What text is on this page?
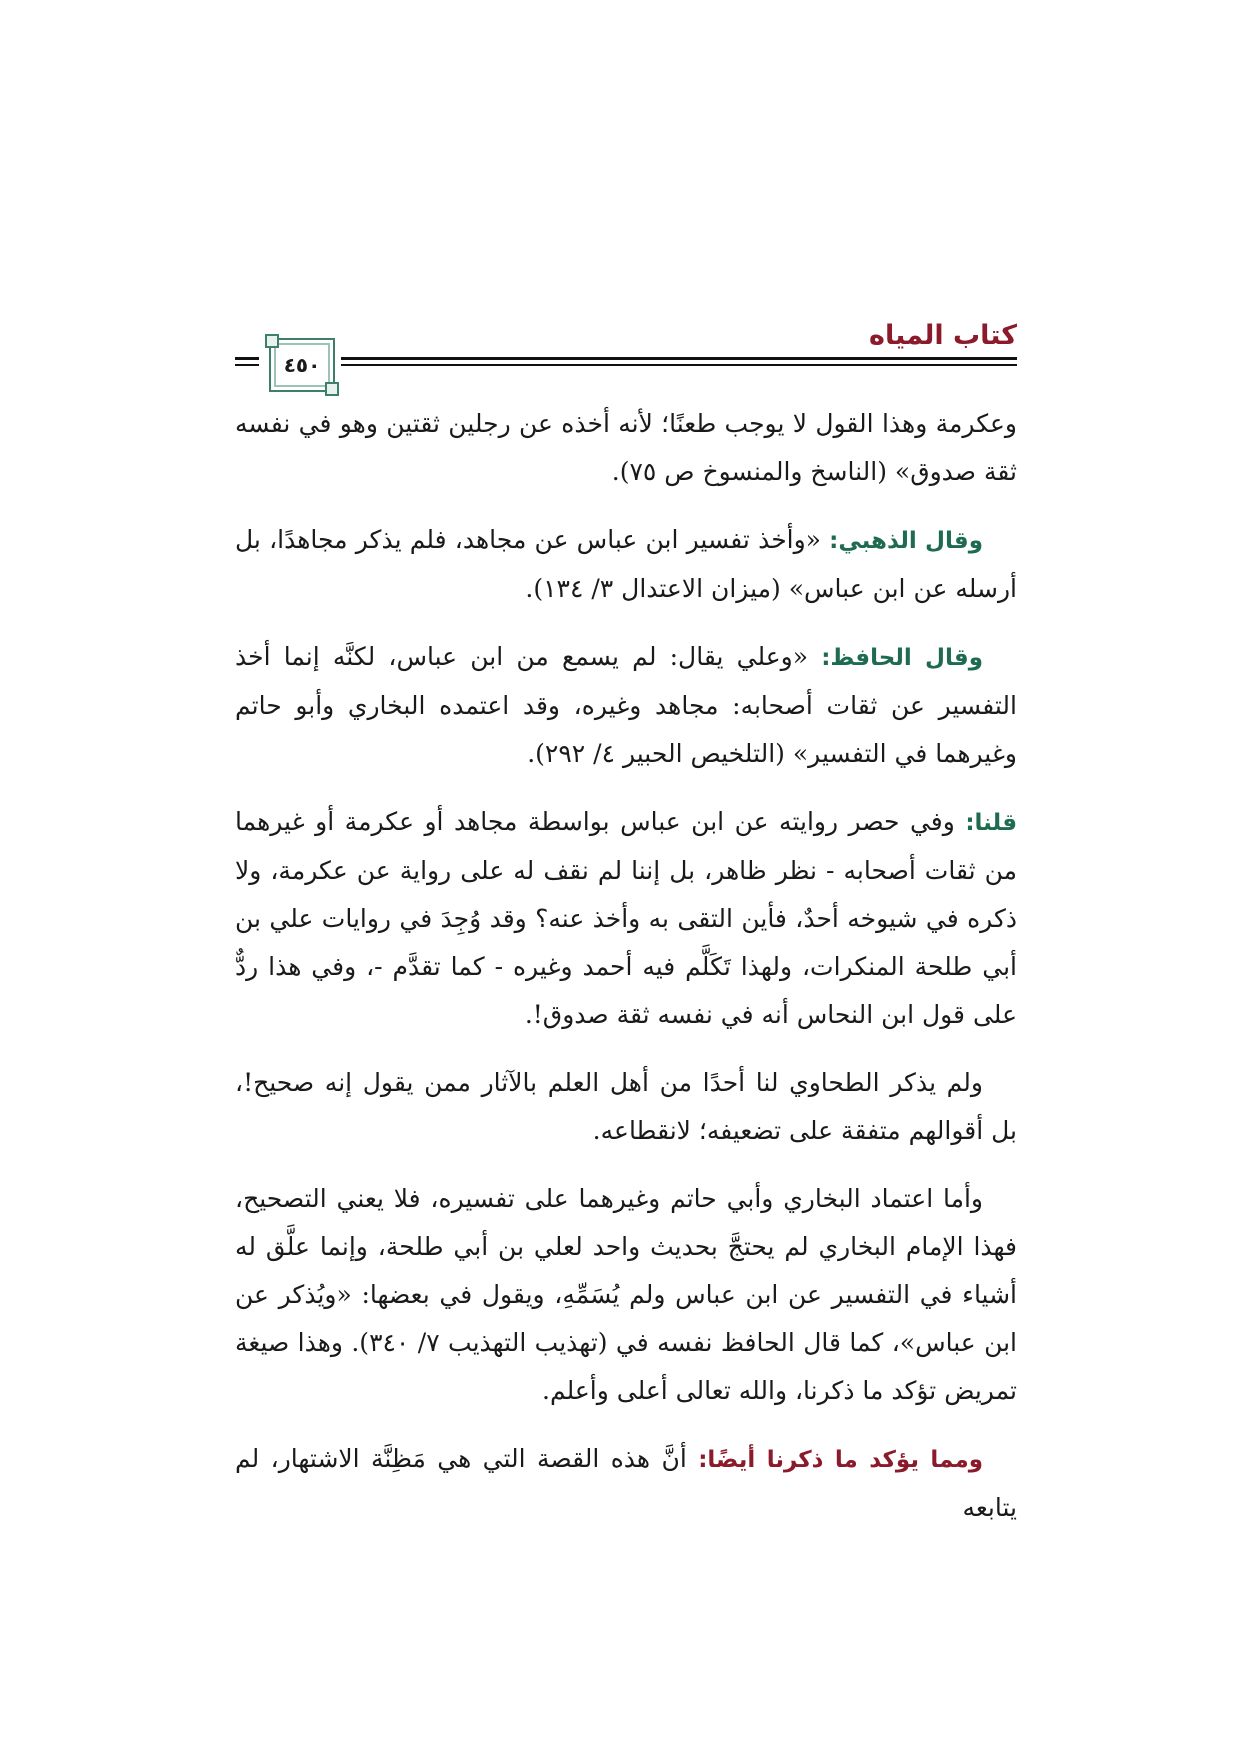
كتاب المياه
٤٥٠

وعكرمة وهذا القول لا يوجب طعنًا؛ لأنه أخذه عن رجلين ثقتين وهو في نفسه ثقة صدوق» (الناسخ والمنسوخ ص ٧٥).

وقال الذهبي: «وأخذ تفسير ابن عباس عن مجاهد، فلم يذكر مجاهدًا، بل أرسله عن ابن عباس» (ميزان الاعتدال ٣/ ١٣٤).

وقال الحافظ: «وعلي يقال: لم يسمع من ابن عباس، لكنَّه إنما أخذ التفسير عن ثقات أصحابه: مجاهد وغيره، وقد اعتمده البخاري وأبو حاتم وغيرهما في التفسير» (التلخيص الحبير ٤/ ٢٩٢).

قلنا: وفي حصر روايته عن ابن عباس بواسطة مجاهد أو عكرمة أو غيرهما من ثقات أصحابه - نظر ظاهر، بل إننا لم نقف له على رواية عن عكرمة، ولا ذكره في شيوخه أحدٌ، فأين التقى به وأخذ عنه؟ وقد وُجِدَ في روايات علي بن أبي طلحة المنكرات، ولهذا تَكَلَّم فيه أحمد وغيره - كما تقدَّم -، وفي هذا ردٌّ على قول ابن النحاس أنه في نفسه ثقة صدوق!.

ولم يذكر الطحاوي لنا أحدًا من أهل العلم بالآثار ممن يقول إنه صحيح!، بل أقوالهم متفقة على تضعيفه؛ لانقطاعه.

وأما اعتماد البخاري وأبي حاتم وغيرهما على تفسيره، فلا يعني التصحيح، فهذا الإمام البخاري لم يحتجَّ بحديث واحد لعلي بن أبي طلحة، وإنما علَّق له أشياء في التفسير عن ابن عباس ولم يُسَمِّهِ، ويقول في بعضها: «ويُذكر عن ابن عباس»، كما قال الحافظ نفسه في (تهذيب التهذيب ٧/ ٣٤٠). وهذا صيغة تمريض تؤكد ما ذكرنا، والله تعالى أعلى وأعلم.

ومما يؤكد ما ذكرنا أيضًا: أنَّ هذه القصة التي هي مَظِنَّة الاشتهار، لم يتابعه
